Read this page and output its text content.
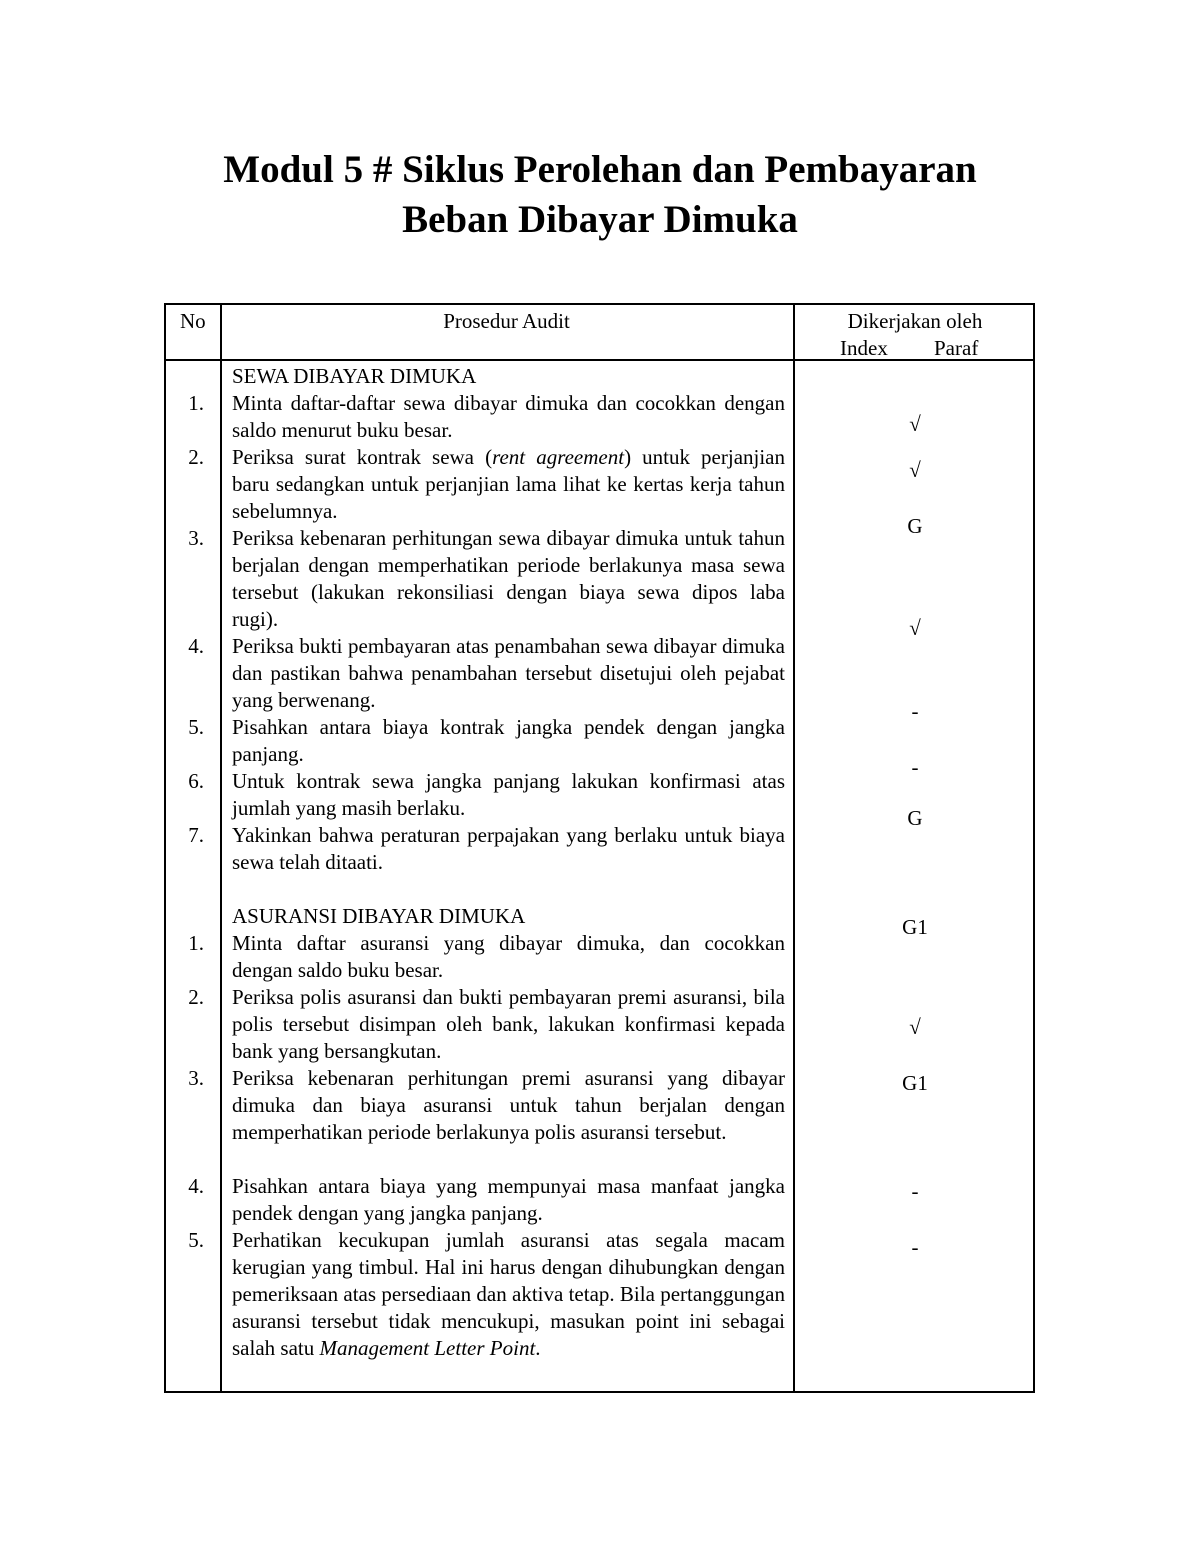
Modul 5 # Siklus Perolehan dan Pembayaran
Beban Dibayar Dimuka
No	Prosedur Audit	Dikerjakan oleh
Index Paraf
SEWA DIBAYAR DIMUKA
1. Minta daftar-daftar sewa dibayar dimuka dan cocokkan dengan saldo menurut buku besar.
2. Periksa surat kontrak sewa (rent agreement) untuk perjanjian baru sedangkan untuk perjanjian lama lihat ke kertas kerja tahun sebelumnya.
3. Periksa kebenaran perhitungan sewa dibayar dimuka untuk tahun berjalan dengan memperhatikan periode berlakunya masa sewa tersebut (lakukan rekonsiliasi dengan biaya sewa dipos laba rugi).
4. Periksa bukti pembayaran atas penambahan sewa dibayar dimuka dan pastikan bahwa penambahan tersebut disetujui oleh pejabat yang berwenang.
5. Pisahkan antara biaya kontrak jangka pendek dengan jangka panjang.
6. Untuk kontrak sewa jangka panjang lakukan konfirmasi atas jumlah yang masih berlaku.
7. Yakinkan bahwa peraturan perpajakan yang berlaku untuk biaya sewa telah ditaati.
ASURANSI DIBAYAR DIMUKA
1. Minta daftar asuransi yang dibayar dimuka, dan cocokkan dengan saldo buku besar.
2. Periksa polis asuransi dan bukti pembayaran premi asuransi, bila polis tersebut disimpan oleh bank, lakukan konfirmasi kepada bank yang bersangkutan.
3. Periksa kebenaran perhitungan premi asuransi yang dibayar dimuka dan biaya asuransi untuk tahun berjalan dengan memperhatikan periode berlakunya polis asuransi tersebut.
4. Pisahkan antara biaya yang mempunyai masa manfaat jangka pendek dengan yang jangka panjang.
5. Perhatikan kecukupan jumlah asuransi atas segala macam kerugian yang timbul. Hal ini harus dengan dihubungkan dengan pemeriksaan atas persediaan dan aktiva tetap. Bila pertanggungan asuransi tersebut tidak mencukupi, masukan point ini sebagai salah satu Management Letter Point.
√
√
G
√
-
-
G
G1
√
G1
-
-
